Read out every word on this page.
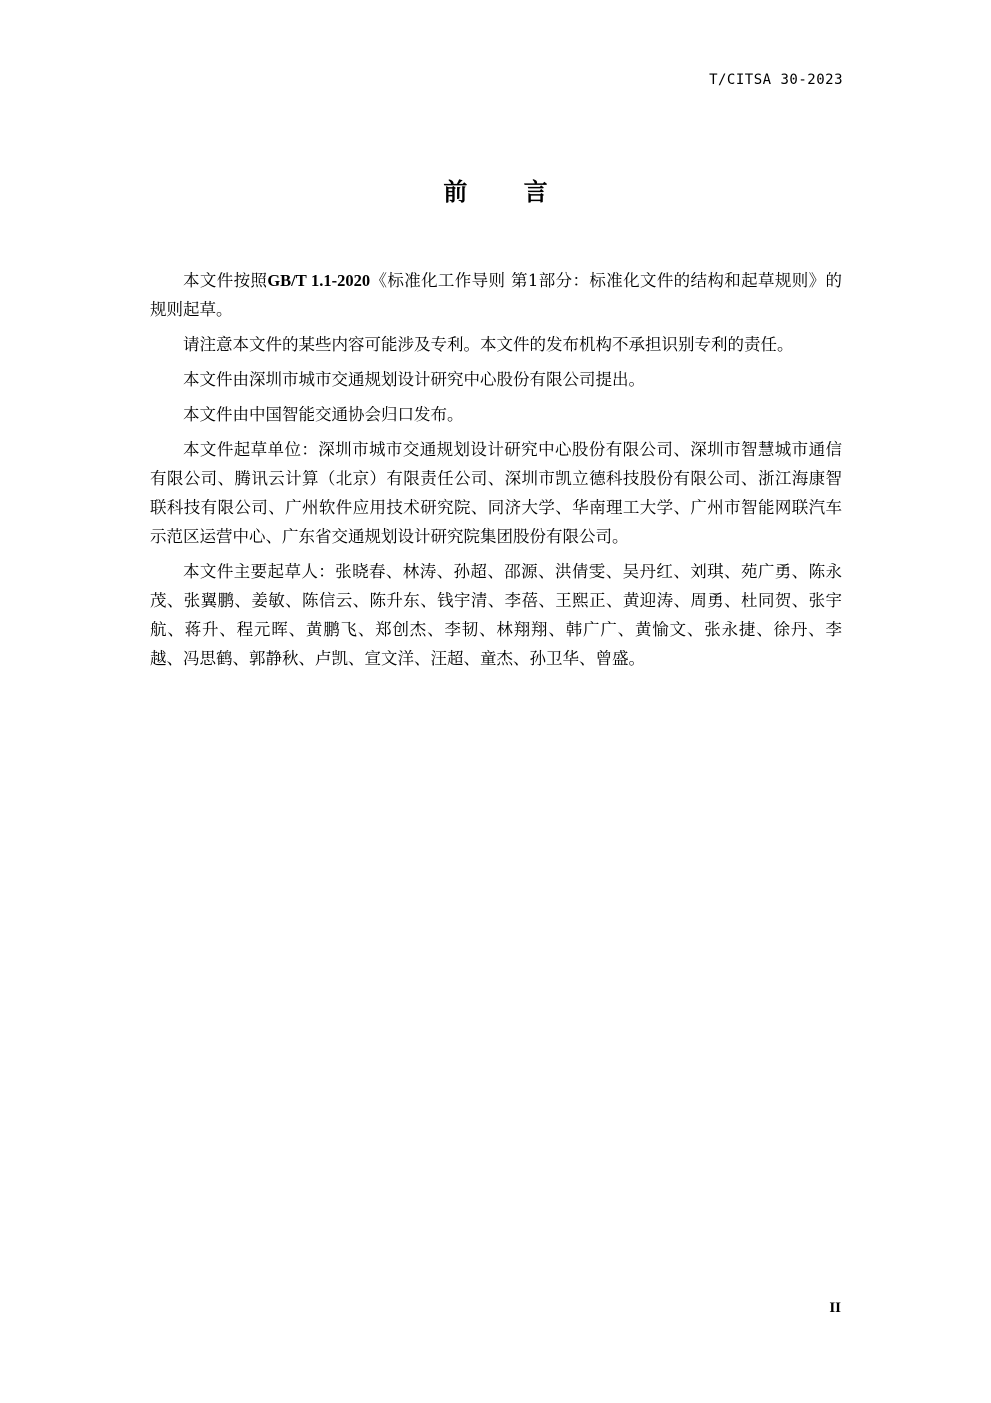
T/CITSA 30-2023
前 言

本文件按照GB/T 1.1-2020《标准化工作导则 第1部分：标准化文件的结构和起草规则》的规则起草。

请注意本文件的某些内容可能涉及专利。本文件的发布机构不承担识别专利的责任。

本文件由深圳市城市交通规划设计研究中心股份有限公司提出。

本文件由中国智能交通协会归口发布。

本文件起草单位：深圳市城市交通规划设计研究中心股份有限公司、深圳市智慧城市通信有限公司、腾讯云计算（北京）有限责任公司、深圳市凯立德科技股份有限公司、浙江海康智联科技有限公司、广州软件应用技术研究院、同济大学、华南理工大学、广州市智能网联汽车示范区运营中心、广东省交通规划设计研究院集团股份有限公司。

本文件主要起草人：张晓春、林涛、孙超、邵源、洪倩雯、吴丹红、刘琪、苑广勇、陈永茂、张翼鹏、姜敏、陈信云、陈升东、钱宇清、李蓓、王熙正、黄迎涛、周勇、杜同贺、张宇航、蒋升、程元晖、黄鹏飞、郑创杰、李韧、林翔翔、韩广广、黄愉文、张永捷、徐丹、李越、冯思鹤、郭静秋、卢凯、宣文洋、汪超、童杰、孙卫华、曾盛。

II
